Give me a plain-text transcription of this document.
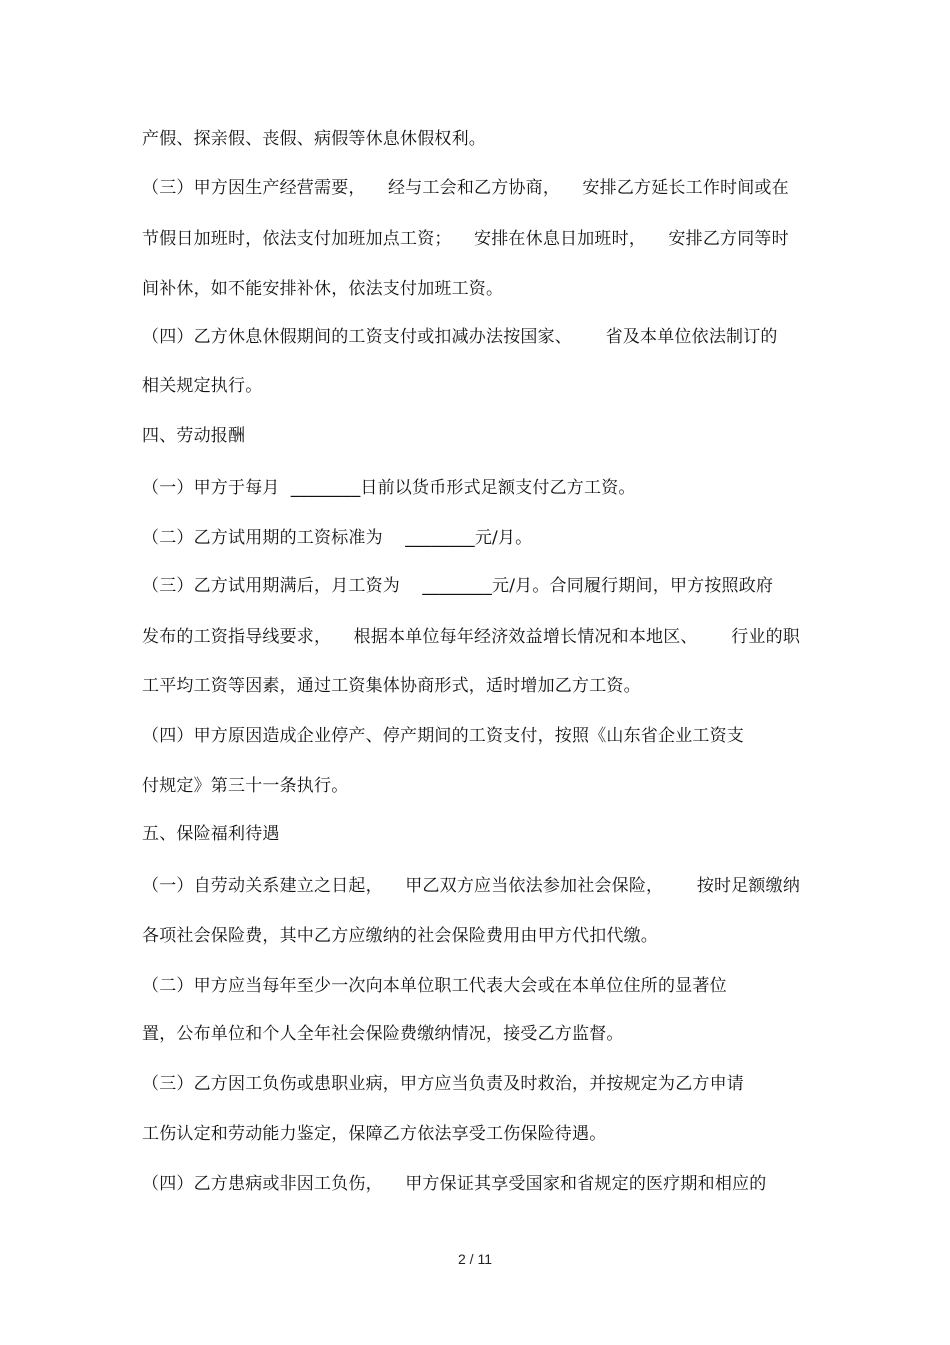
产假、探亲假、丧假、病假等休息休假权利。
（三）甲方因生产经营需要，    经与工会和乙方协商，    安排乙方延长工作时间或在
节假日加班时，依法支付加班加点工资；    安排在休息日加班时，    安排乙方同等时
间补休，如不能安排补休，依法支付加班工资。
（四）乙方休息休假期间的工资支付或扣减办法按国家、      省及本单位依法制订的
相关规定执行。
四、劳动报酬
（一）甲方于每月  ________日前以货币形式足额支付乙方工资。
（二）乙方试用期的工资标准为    ________元/月。
（三）乙方试用期满后，月工资为    ________元/月。合同履行期间，甲方按照政府
发布的工资指导线要求，    根据本单位每年经济效益增长情况和本地区、      行业的职
工平均工资等因素，通过工资集体协商形式，适时增加乙方工资。
（四）甲方原因造成企业停产、停产期间的工资支付，按照《山东省企业工资支
付规定》第三十一条执行。
五、保险福利待遇
（一）自劳动关系建立之日起，    甲乙双方应当依法参加社会保险，      按时足额缴纳
各项社会保险费，其中乙方应缴纳的社会保险费用由甲方代扣代缴。
（二）甲方应当每年至少一次向本单位职工代表大会或在本单位住所的显著位
置，公布单位和个人全年社会保险费缴纳情况，接受乙方监督。
（三）乙方因工负伤或患职业病，甲方应当负责及时救治，并按规定为乙方申请
工伤认定和劳动能力鉴定，保障乙方依法享受工伤保险待遇。
（四）乙方患病或非因工负伤，    甲方保证其享受国家和省规定的医疗期和相应的
2 / 11
